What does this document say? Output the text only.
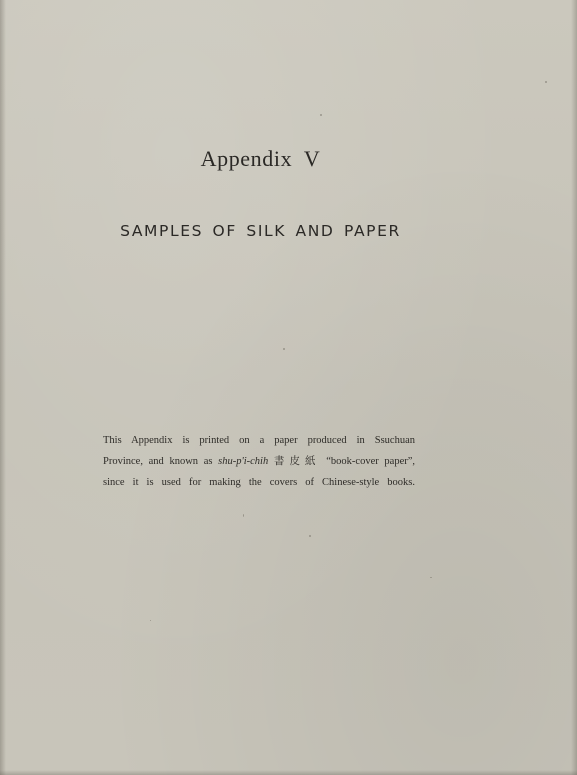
Appendix V
SAMPLES OF SILK AND PAPER
This Appendix is printed on a paper produced in Ssuchuan
Province, and known as shu-p'i-chih 書皮紙 “book-cover paper”,
since it is used for making the covers of Chinese-style books.
